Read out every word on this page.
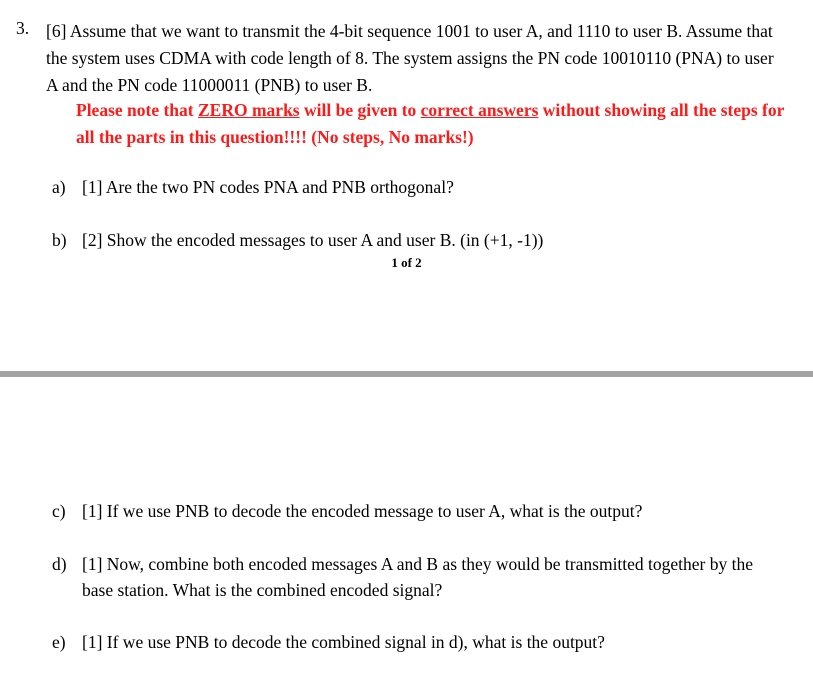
3. [6] Assume that we want to transmit the 4-bit sequence 1001 to user A, and 1110 to user B. Assume that the system uses CDMA with code length of 8. The system assigns the PN code 10010110 (PNA) to user A and the PN code 11000011 (PNB) to user B.

Please note that ZERO marks will be given to correct answers without showing all the steps for all the parts in this question!!!! (No steps, No marks!)
a) [1] Are the two PN codes PNA and PNB orthogonal?
b) [2] Show the encoded messages to user A and user B. (in (+1, -1))
1 of 2
c) [1] If we use PNB to decode the encoded message to user A, what is the output?
d) [1] Now, combine both encoded messages A and B as they would be transmitted together by the base station. What is the combined encoded signal?
e) [1] If we use PNB to decode the combined signal in d), what is the output?
